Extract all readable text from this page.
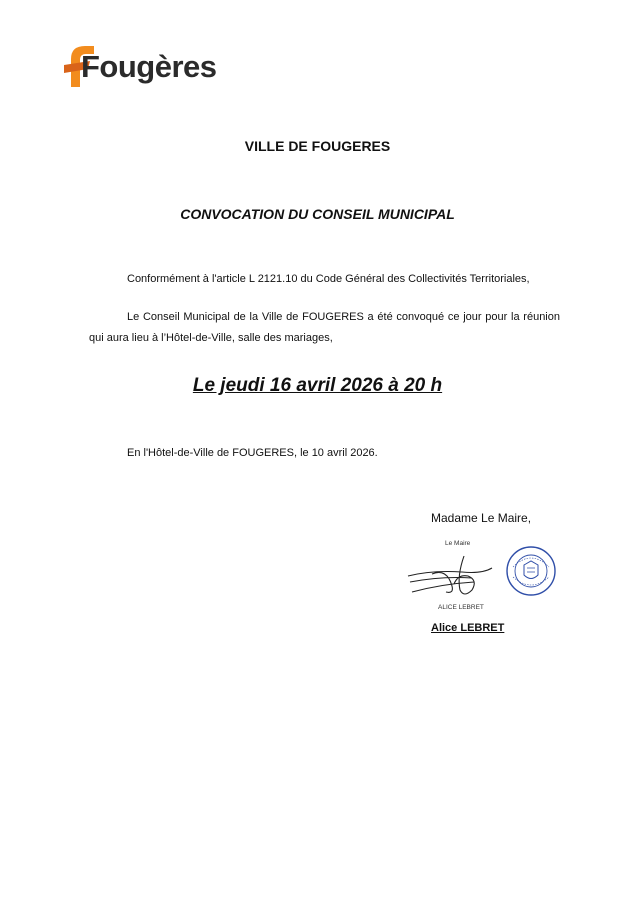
Fougères
VILLE DE FOUGERES
CONVOCATION DU CONSEIL MUNICIPAL
Conformément à l'article L 2121.10 du Code Général des Collectivités Territoriales,
Le Conseil Municipal de la Ville de FOUGERES a été convoqué ce jour pour la réunion qui aura lieu à l’Hôtel-de-Ville, salle des mariages,
Le jeudi 16 avril 2026 à 20 h
En l'Hôtel-de-Ville de FOUGERES, le 10 avril 2026.
Madame Le Maire,
Le Maire
ALICE LEBRET
Alice LEBRET
